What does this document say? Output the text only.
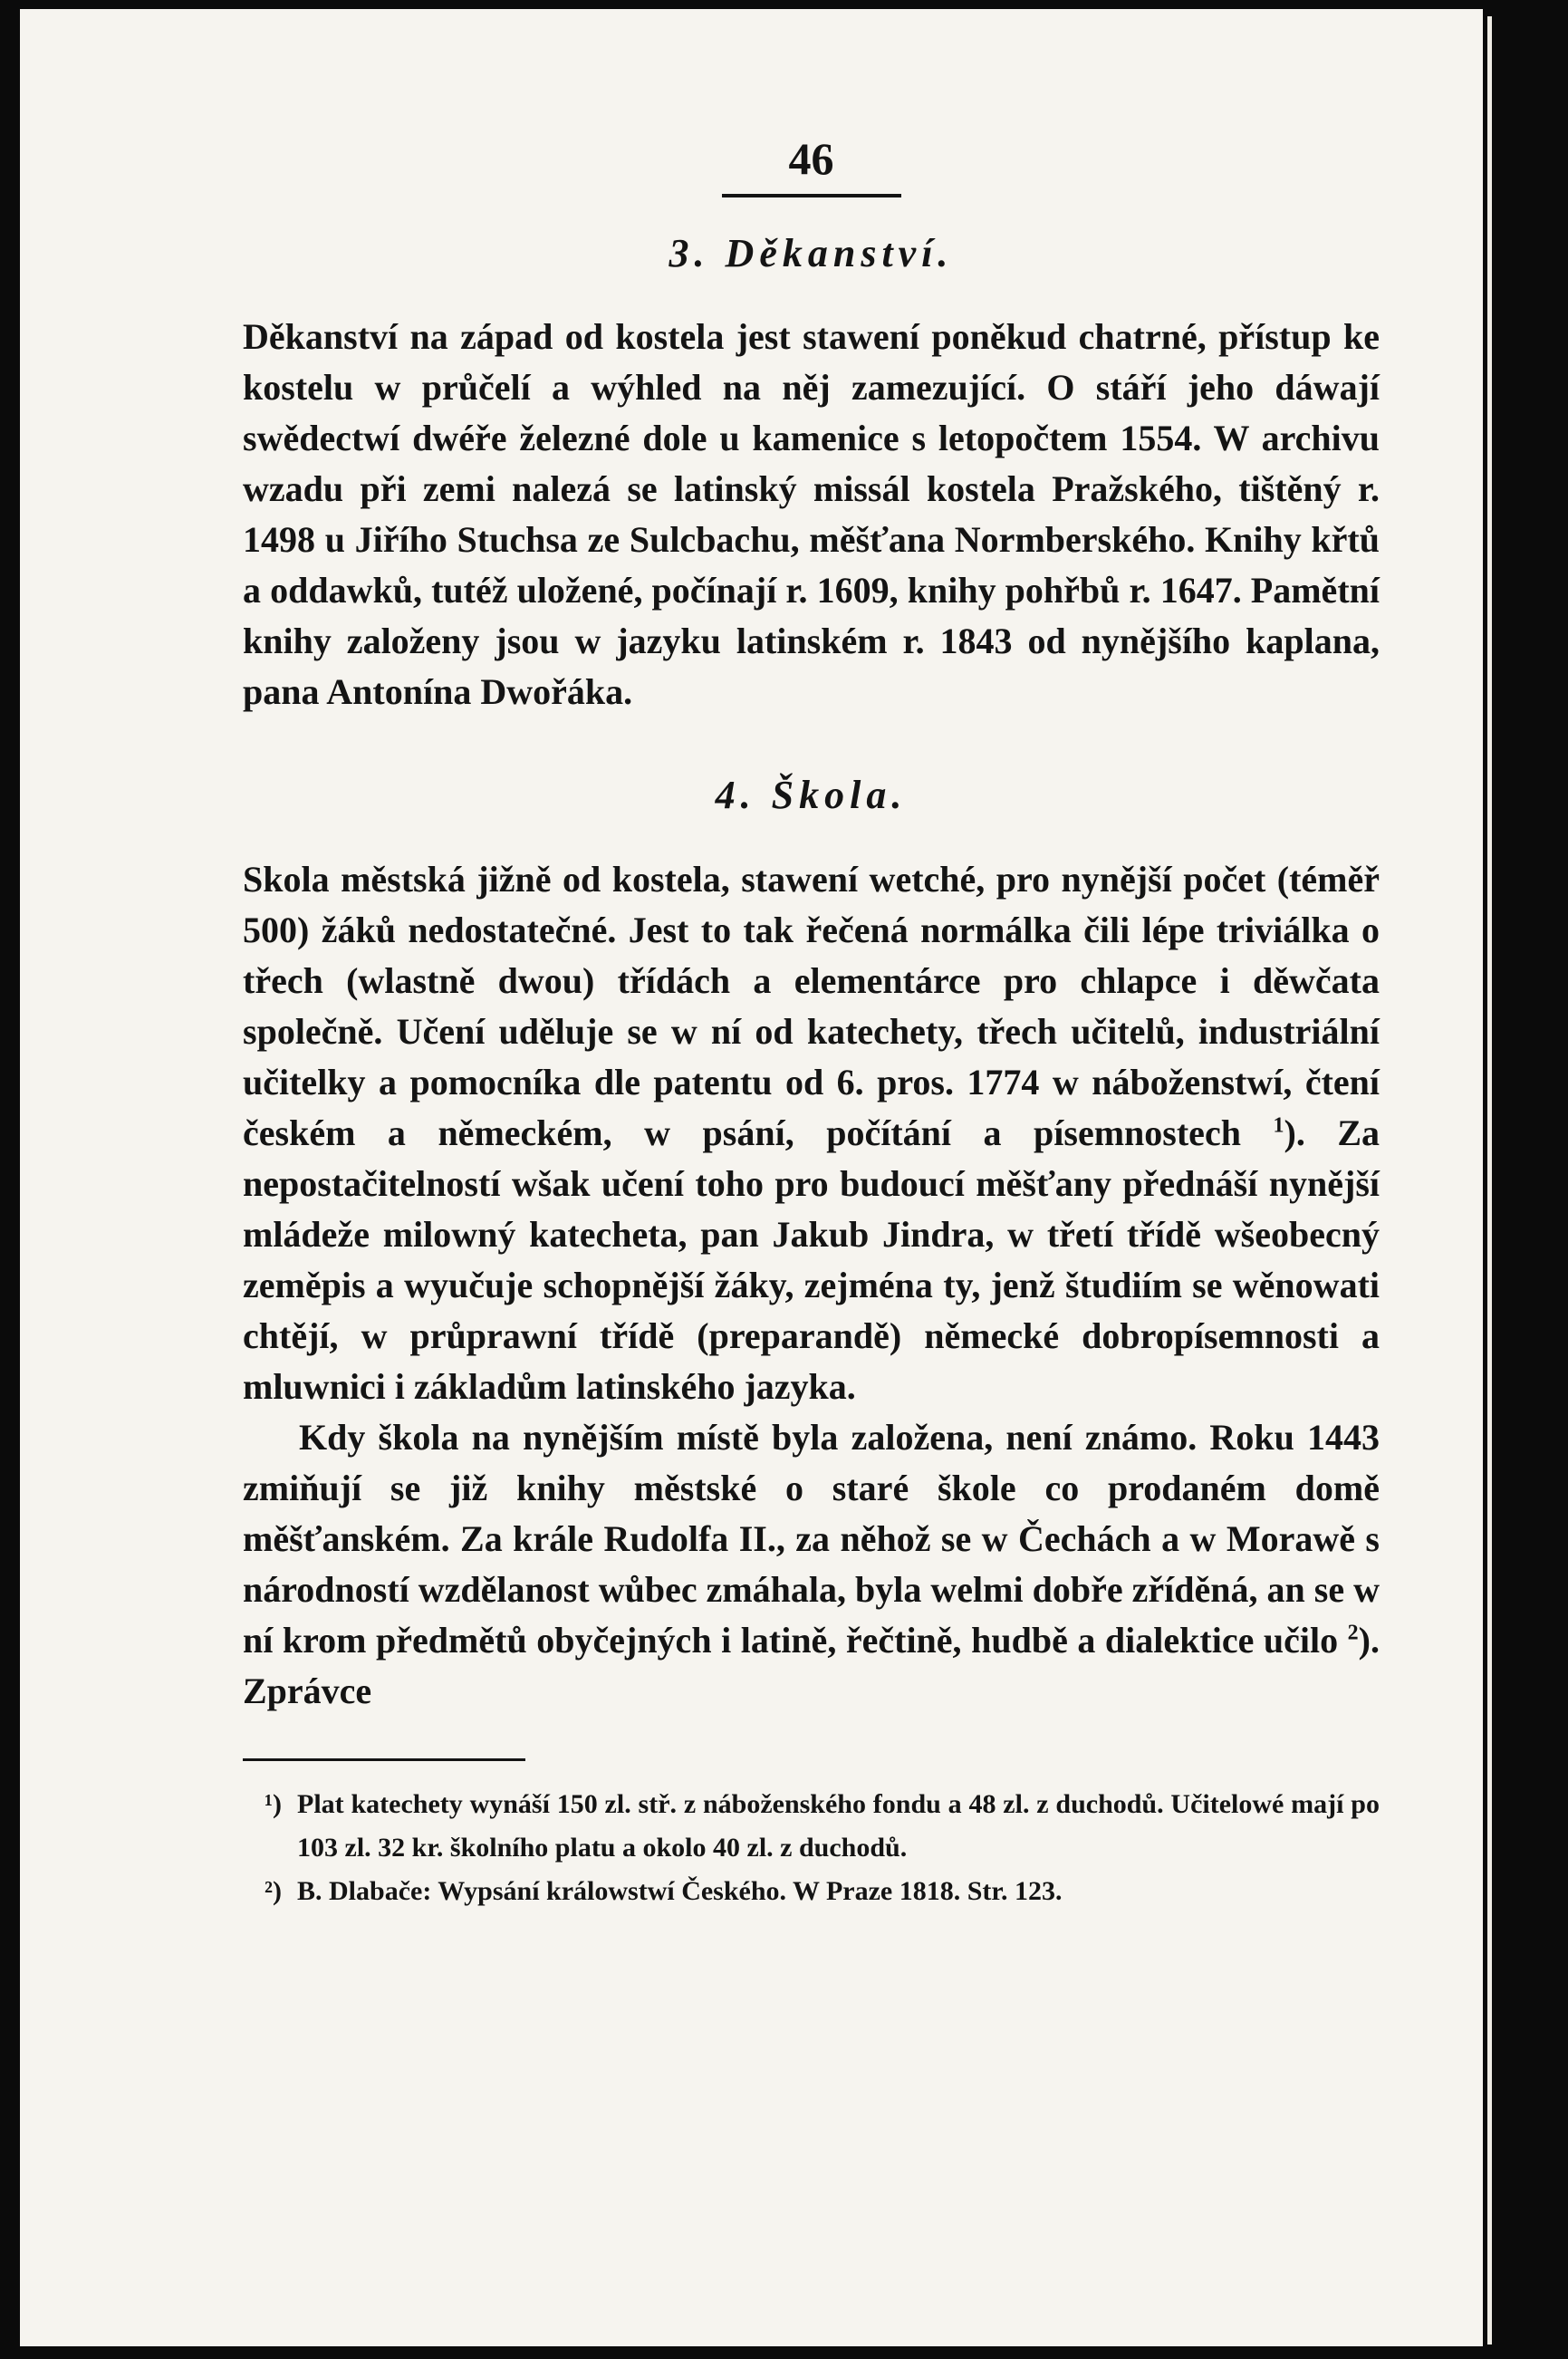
46
3. Děkanství.

Děkanství na západ od kostela jest stawení poněkud chatrné, přístup ke kostelu w průčelí a wýhled na něj zamezující. O stáří jeho dáwají swědectwí dwéře železné dole u kamenice s letopočtem 1554. W archivu wzadu při zemi nalezá se latinský missál kostela Pražského, tištěný r. 1498 u Jiřího Stuchsa ze Sulcbachu, měšťana Normberského. Knihy křtů a oddawků, tutéž uložené, počínají r. 1609, knihy pohřbů r. 1647. Pamětní knihy založeny jsou w jazyku latinském r. 1843 od nynějšího kaplana, pana Antonína Dwořáka.

4. Škola.

Skola městská jižně od kostela, stawení wetché, pro nynější počet (téměř 500) žáků nedostatečné. Jest to tak řečená normálka čili lépe triviálka o třech (wlastně dwou) třídách a elementárce pro chlapce i děwčata společně. Učení uděluje se w ní od katechety, třech učitelů, industriální učitelky a pomocníka dle patentu od 6. pros. 1774 w náboženstwí, čtení českém a německém, w psání, počítání a písemnostech $^1$). Za nepostačitelností wšak učení toho pro budoucí měšťany přednáší nynější mládeže milowný katecheta, pan Jakub Jindra, w třetí třídě wšeobecný zeměpis a wyučuje schopnější žáky, zejména ty, jenž študiím se wěnowati chtějí, w průprawní třídě (preparandě) německé dobropísemnosti a mluwnici i základům latinského jazyka.

Kdy škola na nynějším místě byla založena, není známo. Roku 1443 zmiňují se již knihy městské o staré škole co prodaném domě měšťanském. Za krále Rudolfa II., za něhož se w Čechách a w Morawě s národností wzdělanost wůbec zmáhala, byla welmi dobře zříděná, an se w ní krom předmětů obyčejných i latině, řečtině, hudbě a dialektice učilo $^2$). Zprávce

¹) Plat katechety wynáší 150 zl. stř. z náboženského fondu a 48 zl. z duchodů. Učitelowé mají po 103 zl. 32 kr. školního platu a okolo 40 zl. z duchodů.

²) B. Dlabače: Wypsání králowstwí Českého. W Praze 1818. Str. 123.
